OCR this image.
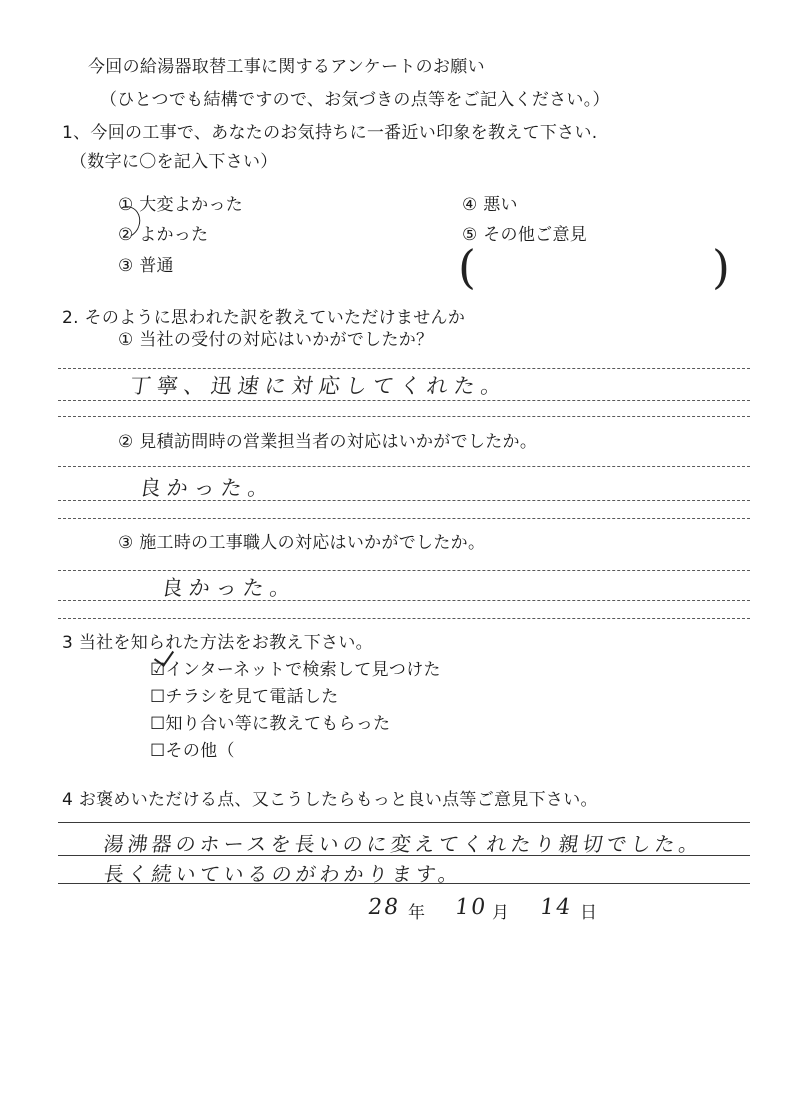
今回の給湯器取替工事に関するアンケートのお願い
（ひとつでも結構ですので、お気づきの点等をご記入ください。）
1、今回の工事で、あなたのお気持ちに一番近い印象を教えて下さい.
（数字に〇を記入下さい）
① 大変よかった
② よかった
③ 普通
④ 悪い
⑤ その他ご意見
(	)
2. そのように思われた訳を教えていただけませんか
① 当社の受付の対応はいかがでしたか？
丁寧、迅速に対応してくれた。
② 見積訪問時の営業担当者の対応はいかがでしたか。
良かった。
③ 施工時の工事職人の対応はいかがでしたか。
良かった。
3 当社を知られた方法をお教え下さい。
☑インターネットで検索して見つけた
☐チラシを見て電話した
☐知り合い等に教えてもらった
☐その他（
4 お褒めいただける点、又こうしたらもっと良い点等ご意見下さい。
湯沸器のホースを長いのに変えてくれたり親切でした。
長く続いているのがわかります。
28 年 10 月 14 日
